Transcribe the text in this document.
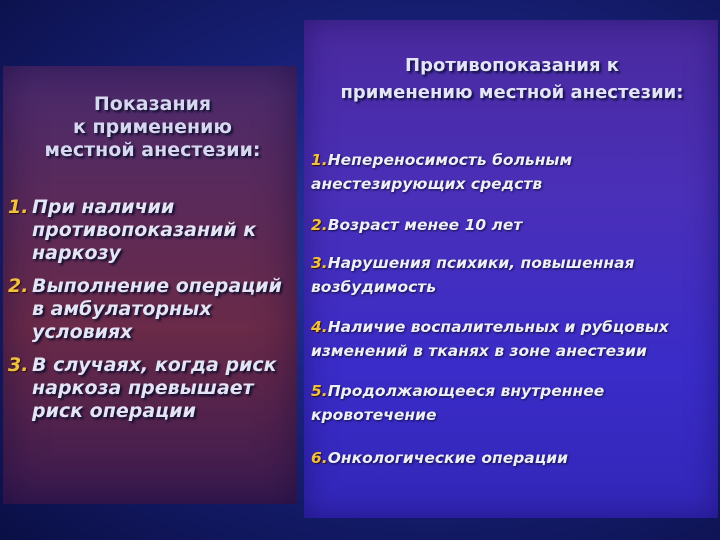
Показания
к применению
местной анестезии:
1. При наличии противопоказаний к наркозу
2. Выполнение операций в амбулаторных условиях
3. В случаях, когда риск наркоза превышает риск операции
Противопоказания к
применению местной анестезии:
1.Непереносимость больным анестезирующих средств
2.Возраст менее 10 лет
3.Нарушения психики, повышенная возбудимость
4.Наличие воспалительных и рубцовых изменений в тканях в зоне анестезии
5.Продолжающееся внутреннее кровотечение
6.Онкологические операции
